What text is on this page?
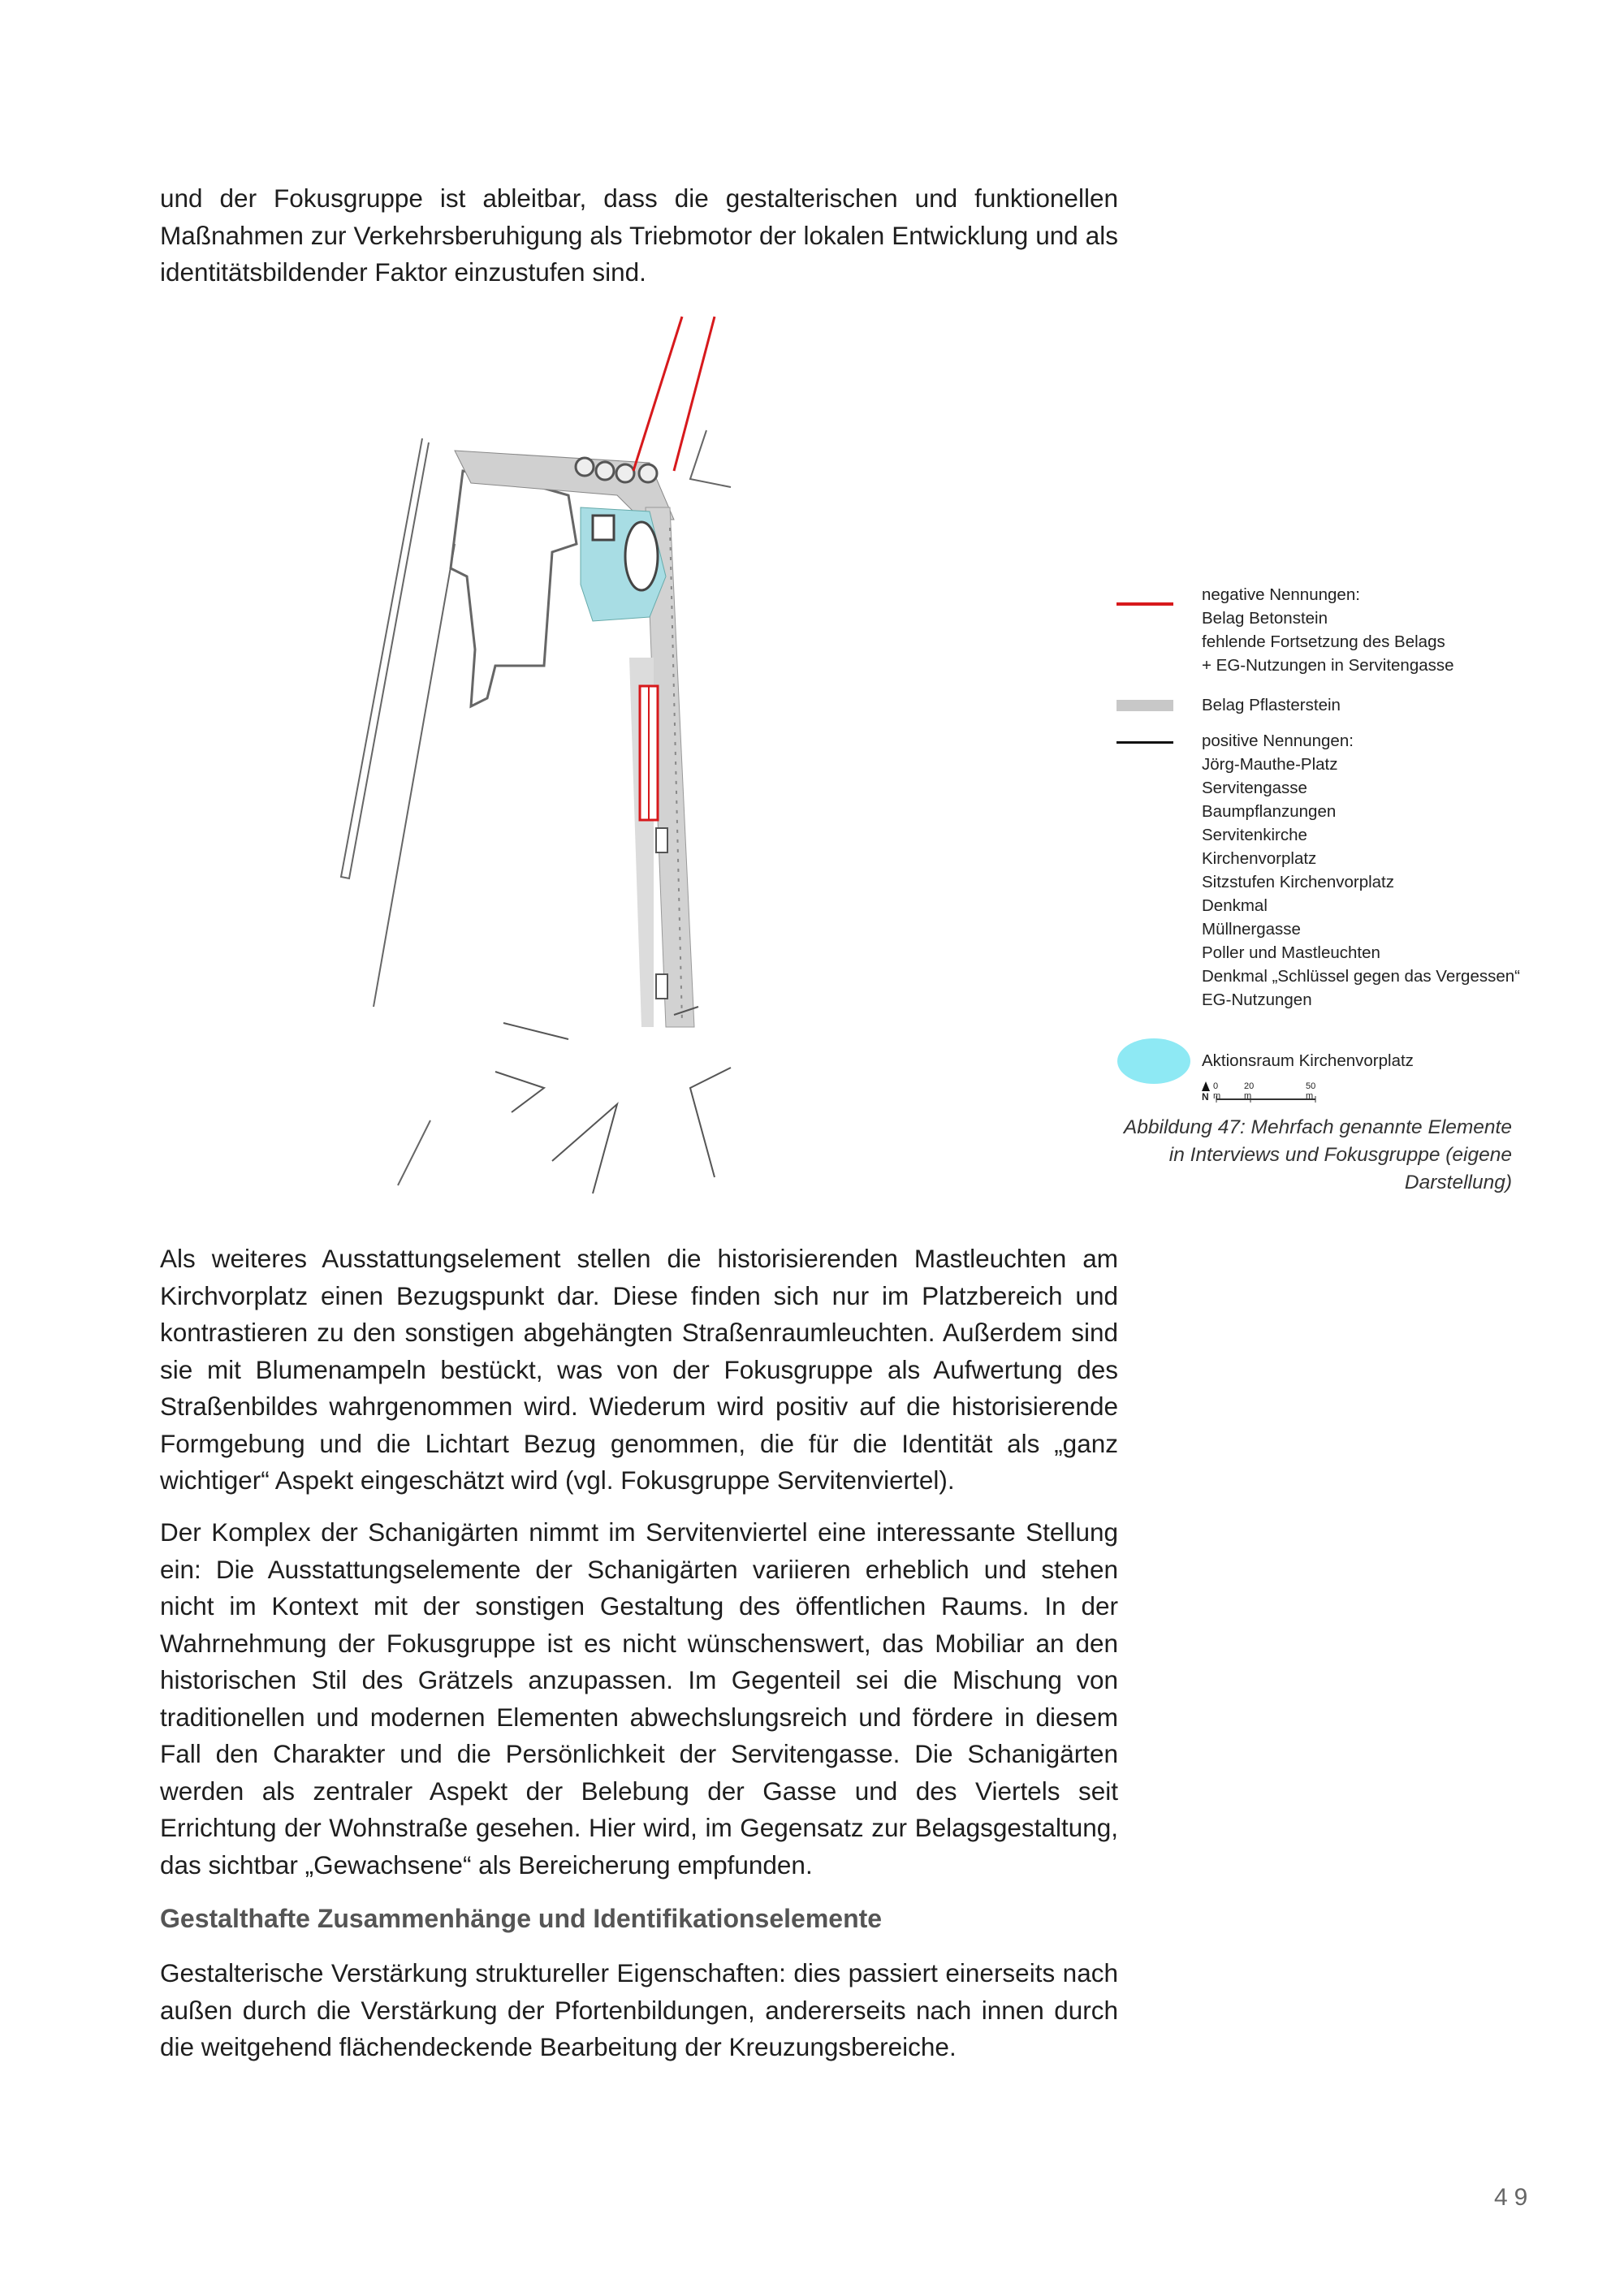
und der Fokusgruppe ist ableitbar, dass die gestalterischen und funktionellen Maßnahmen zur Verkehrsberuhigung als Triebmotor der lokalen Entwicklung und als identitätsbildender Faktor einzustufen sind.

negative Nennungen:
Belag Betonstein
fehlende Fortsetzung des Belags
+ EG-Nutzungen in Servitengasse
Belag Pflasterstein
positive Nennungen:
Jörg-Mauthe-Platz
Servitengasse
Baumpflanzungen
Servitenkirche
Kirchenvorplatz
Sitzstufen Kirchenvorplatz
Denkmal
Müllnergasse
Poller und Mastleuchten
Denkmal „Schlüssel gegen das Vergessen“
EG-Nutzungen
Aktionsraum Kirchenvorplatz
N
0 m
20 m
50 m
Abbildung 47: Mehrfach genannte Elemente in Interviews und Fokusgruppe (eigene Darstellung)

Als weiteres Ausstattungselement stellen die historisierenden Mastleuchten am Kirchvorplatz einen Bezugspunkt dar. Diese finden sich nur im Platzbereich und kontrastieren zu den sonstigen abgehängten Straßenraumleuchten. Außerdem sind sie mit Blumenampeln bestückt, was von der Fokusgruppe als Aufwertung des Straßenbildes wahrgenommen wird. Wiederum wird positiv auf die historisierende Formgebung und die Lichtart Bezug genommen, die für die Identität als „ganz wichtiger“ Aspekt eingeschätzt wird (vgl. Fokusgruppe Servitenviertel).

Der Komplex der Schanigärten nimmt im Servitenviertel eine interessante Stellung ein: Die Ausstattungselemente der Schanigärten variieren erheblich und stehen nicht im Kontext mit der sonstigen Gestaltung des öffentlichen Raums. In der Wahrnehmung der Fokusgruppe ist es nicht wünschenswert, das Mobiliar an den historischen Stil des Grätzels anzupassen. Im Gegenteil sei die Mischung von traditionellen und modernen Elementen abwechslungsreich und fördere in diesem Fall den Charakter und die Persönlichkeit der Servitengasse. Die Schanigärten werden als zentraler Aspekt der Belebung der Gasse und des Viertels seit Errichtung der Wohnstraße gesehen. Hier wird, im Gegensatz zur Belagsgestaltung, das sichtbar „Gewachsene“ als Bereicherung empfunden.

Gestalthafte Zusammenhänge und Identifikationselemente

Gestalterische Verstärkung struktureller Eigenschaften: dies passiert einerseits nach außen durch die Verstärkung der Pfortenbildungen, andererseits nach innen durch die weitgehend flächendeckende Bearbeitung der Kreuzungsbereiche.

49
